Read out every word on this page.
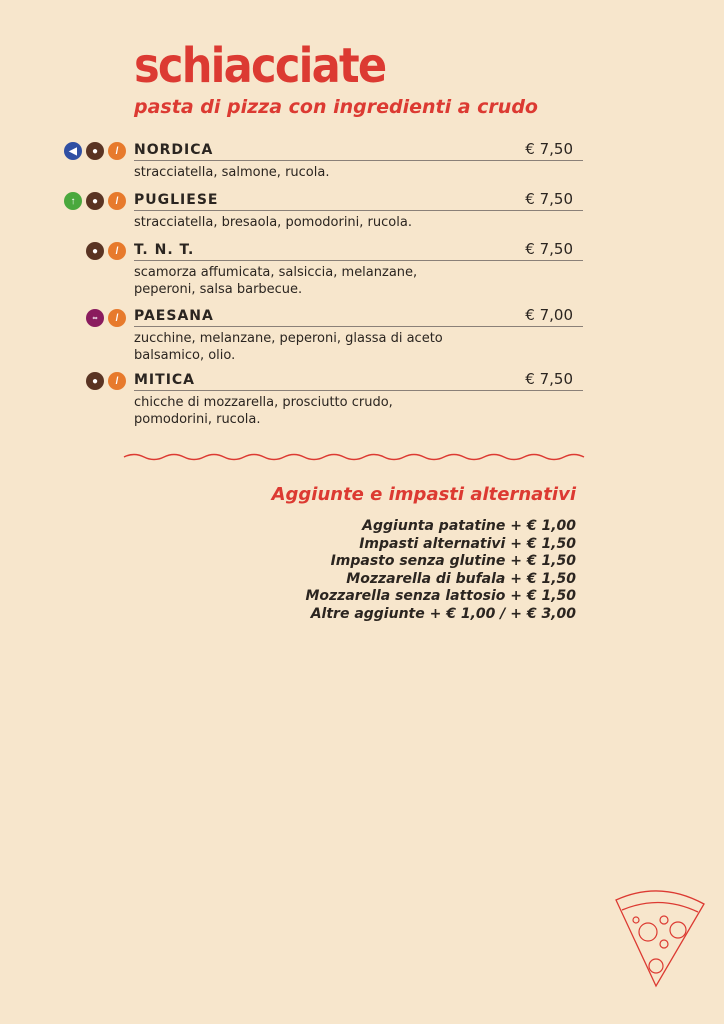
schiacciate
pasta di pizza con ingredienti a crudo
◀	●	/	NORDICA	€ 7,50
stracciatella, salmone, rucola.
↑	●	/	PUGLIESE	€ 7,50
stracciatella, bresaola, pomodorini, rucola.
●	/	T. N. T.	€ 7,50
scamorza affumicata, salsiccia, melanzane, peperoni, salsa barbecue.
∞	/	PAESANA	€ 7,00
zucchine, melanzane, peperoni, glassa di aceto balsamico, olio.
●	/	MITICA	€ 7,50
chicche di mozzarella, prosciutto crudo, pomodorini, rucola.
Aggiunte e impasti alternativi
Aggiunta patatine + € 1,00
Impasti alternativi + € 1,50
Impasto senza glutine + € 1,50
Mozzarella di bufala + € 1,50
Mozzarella senza lattosio + € 1,50
Altre aggiunte + € 1,00 / + € 3,00
